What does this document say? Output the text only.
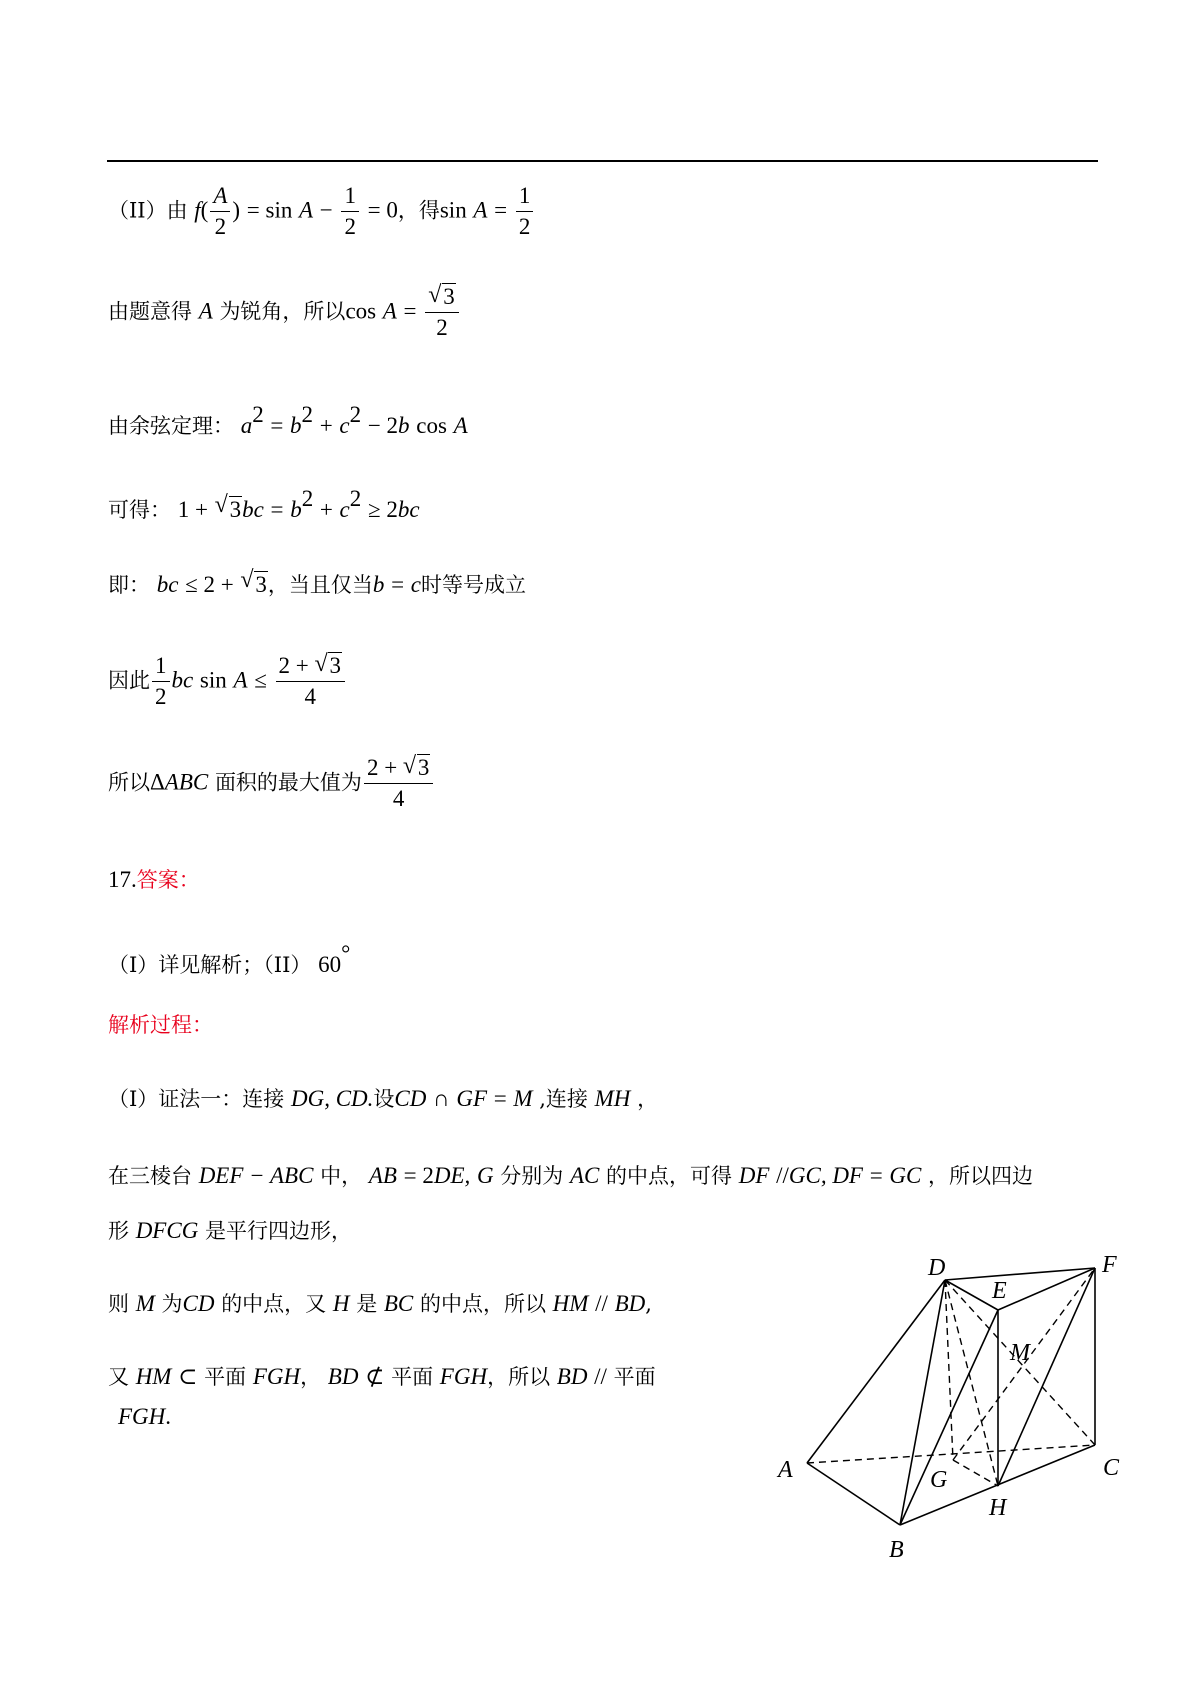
（II）由 $f( \frac{A}{2}$ ) = $\sin A - \frac{1}{2} = 0$，得$\sin A = \frac{1}{2}$
由题意得 A 为锐角，所以$\cos A = \frac{√ 3}{2}$
由余弦定理： $a^2 = b^2 + c^2 - 2b$ cos A
可得： 1 + √ $3bc = b^2 + c^2 \ge 2bc$
即： bc ≤ 2 + √ 3，当且仅当b = c时等号成立
因此 $\frac{1}{2}$ bc $\sin A \le \frac{2 + √ 3}{4}$
所以ΔABC 面积的最大值为 $\frac{2 + √ 3}{4}$
17.答案：
（I）详见解析；（II） 60°
解析过程：
（I）证法一：连接 DG, CD.设CD ∩ GF = M ,连接 MH ，
在三棱台 DEF − ABC 中， AB = 2DE, G 分别为 AC 的中点，可得 DF //GC, DF = GC ，所以四边
形 DFCG 是平行四边形，
则 M 为CD 的中点，又 H 是 BC 的中点，所以 HM // BD,
又 HM ⊂ 平面 FGH， BD ⊄ 平面 FGH，所以 BD // 平面
FGH.
D
E
F
M
A	G	C
H
B
